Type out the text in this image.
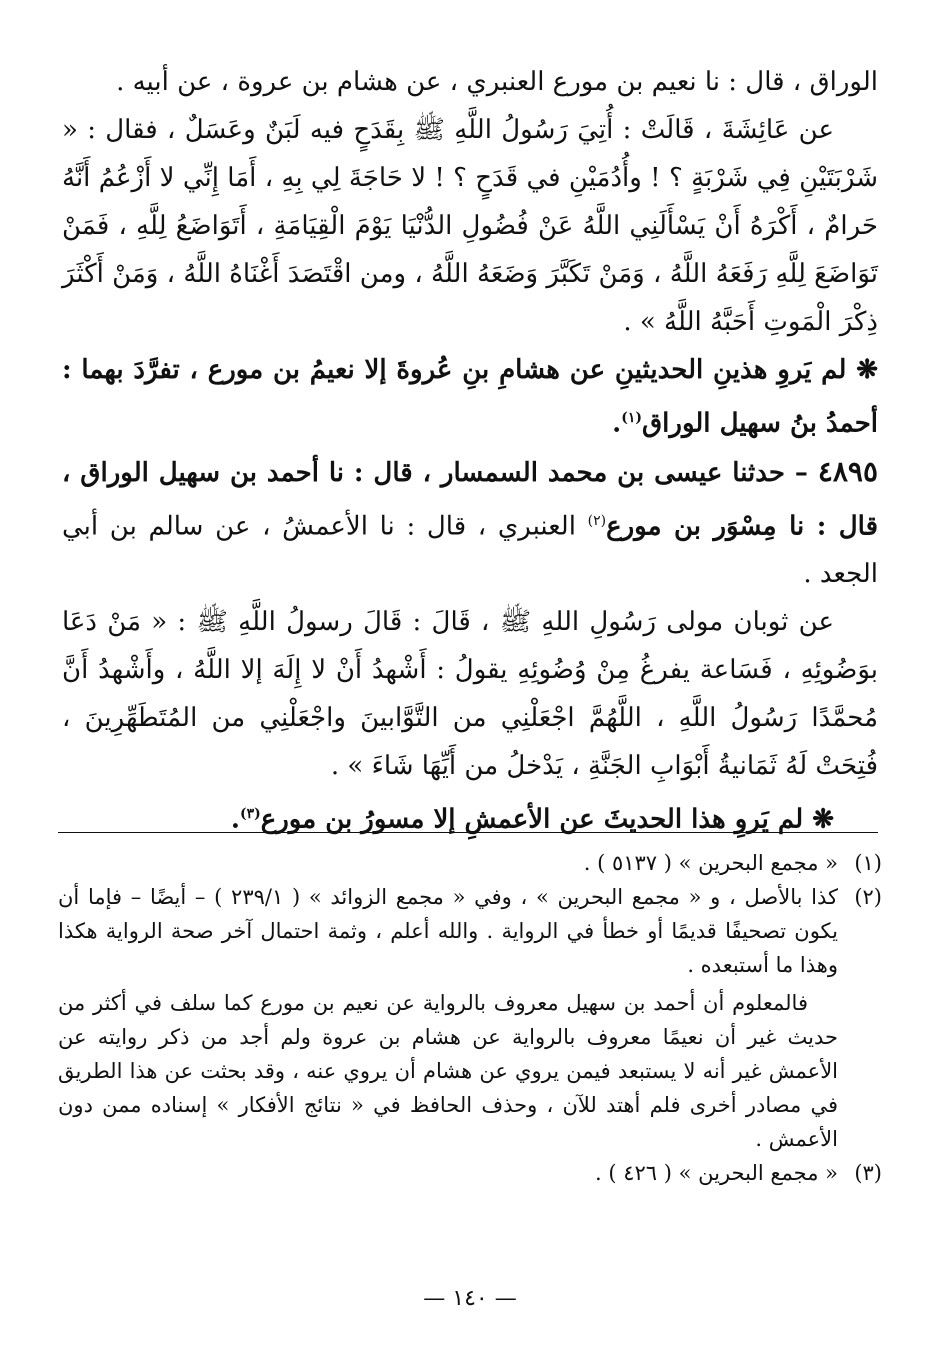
الوراق ، قال : نا نعيم بن مورع العنبري ، عن هشام بن عروة ، عن أبيه .

عن عَائِشَةَ ، قَالَتْ : أُتِيَ رَسُولُ اللَّهِ ﷺ بِقَدَحٍ فيه لَبَنٌ وعَسَلٌ ، فقال : « شَرْبَتَيْنِ فِي شَرْبَةٍ ؟ ! وأُدُمَيْنِ في قَدَحٍ ؟ ! لا حَاجَةَ لِي بِهِ ، أَمَا إِنِّي لا أَزْعُمُ أَنَّهُ حَرامٌ ، أَكْرَهُ أَنْ يَسْأَلَنِي اللَّهُ عَنْ فُضُولِ الدُّنْيَا يَوْمَ الْقِيَامَةِ ، أَتَوَاضَعُ لِلَّهِ ، فَمَنْ تَوَاضَعَ لِلَّهِ رَفَعَهُ اللَّهُ ، وَمَنْ تَكَبَّرَ وَضَعَهُ اللَّهُ ، ومن اقْتَصَدَ أَغْنَاهُ اللَّهُ ، وَمَنْ أَكْثَرَ ذِكْرَ الْمَوتِ أَحَبَّهُ اللَّهُ » .

❋ لم يَروِ هذينِ الحديثينِ عن هشامِ بنِ عُروةَ إلا نعيمُ بن مورع ، تفرَّدَ بهما : أحمدُ بنُ سهيل الوراق$^{(١)}$.

٤٨٩٥ – حدثنا عيسى بن محمد السمسار ، قال : نا أحمد بن سهيل الوراق ، قال : نا مِسْوَر بن مورع$^{(٢)}$ العنبري ، قال : نا الأعمشُ ، عن سالم بن أبي الجعد .

عن ثوبان مولى رَسُولِ اللهِ ﷺ ، قَالَ : قَالَ رسولُ اللَّهِ ﷺ : « مَنْ دَعَا بوَضُوئِهِ ، فَسَاعة يفرغُ مِنْ وُضُوئِهِ يقولُ : أَشْهدُ أَنْ لا إِلَهَ إلا اللَّهُ ، وأَشْهدُ أَنَّ مُحمَّدًا رَسُولُ اللَّهِ ، اللَّهُمَّ اجْعَلْنِي من التَّوَّابينَ واجْعَلْنِي من المُتَطَهِّرِينَ ، فُتِحَتْ لَهُ ثَمَانيةُ أَبْوَابِ الجَنَّةِ ، يَدْخلُ من أَيِّهَا شَاءَ » .

❋ لم يَروِ هذا الحديثَ عن الأعمشِ إلا مسورُ بن مورع$^{(٣)}$.

(١)
« مجمع البحرين » ( ٥١٣٧ ) .
(٢)
كذا بالأصل ، و « مجمع البحرين » ، وفي « مجمع الزوائد » ( ٢٣٩/١ ) – أيضًا – فإما أن يكون تصحيفًا قديمًا أو خطأ في الرواية . والله أعلم ، وثمة احتمال آخر صحة الرواية هكذا وهذا ما أستبعده .

فالمعلوم أن أحمد بن سهيل معروف بالرواية عن نعيم بن مورع كما سلف في أكثر من حديث غير أن نعيمًا معروف بالرواية عن هشام بن عروة ولم أجد من ذكر روايته عن الأعمش غير أنه لا يستبعد فيمن يروي عن هشام أن يروي عنه ، وقد بحثت عن هذا الطريق في مصادر أخرى فلم أهتد للآن ، وحذف الحافظ في « نتائج الأفكار » إسناده ممن دون الأعمش .

(٣)
« مجمع البحرين » ( ٤٢٦ ) .
— ١٤٠ —
